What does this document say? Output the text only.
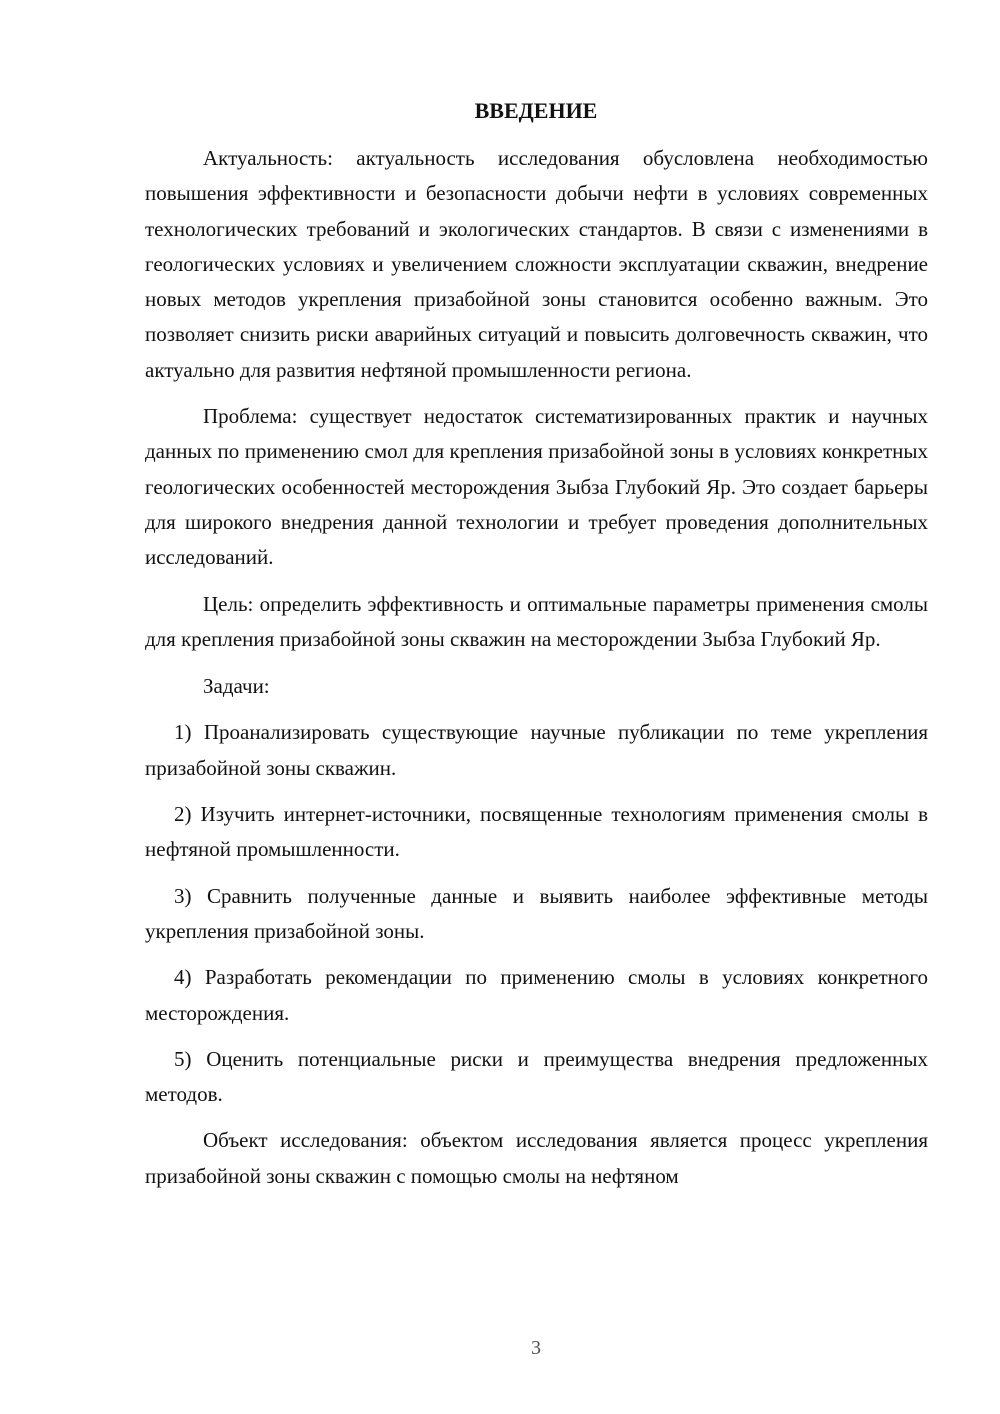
ВВЕДЕНИЕ

Актуальность: актуальность исследования обусловлена необходимостью повышения эффективности и безопасности добычи нефти в условиях современных технологических требований и экологических стандартов. В связи с изменениями в геологических условиях и увеличением сложности эксплуатации скважин, внедрение новых методов укрепления призабойной зоны становится особенно важным. Это позволяет снизить риски аварийных ситуаций и повысить долговечность скважин, что актуально для развития нефтяной промышленности региона.

Проблема: существует недостаток систематизированных практик и научных данных по применению смол для крепления призабойной зоны в условиях конкретных геологических особенностей месторождения Зыбза Глубокий Яр. Это создает барьеры для широкого внедрения данной технологии и требует проведения дополнительных исследований.

Цель: определить эффективность и оптимальные параметры применения смолы для крепления призабойной зоны скважин на месторождении Зыбза Глубокий Яр.

Задачи:

1) Проанализировать существующие научные публикации по теме укрепления призабойной зоны скважин.

2) Изучить интернет-источники, посвященные технологиям применения смолы в нефтяной промышленности.

3) Сравнить полученные данные и выявить наиболее эффективные методы укрепления призабойной зоны.

4) Разработать рекомендации по применению смолы в условиях конкретного месторождения.

5) Оценить потенциальные риски и преимущества внедрения предложенных методов.

Объект исследования: объектом исследования является процесс укрепления призабойной зоны скважин с помощью смолы на нефтяном

3
